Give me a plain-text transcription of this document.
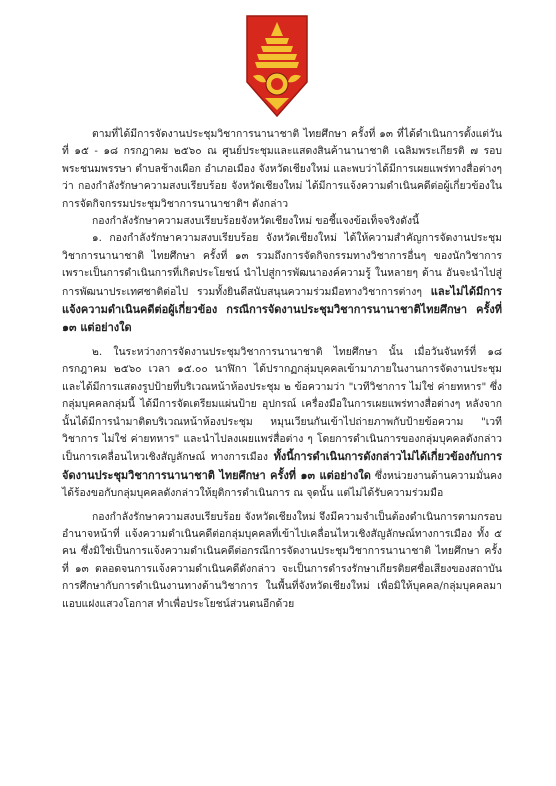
ตามที่ได้มีการจัดงานประชุมวิชาการนานาชาติ ไทยศึกษา ครั้งที่ ๑๓ ที่ได้ดำเนินการตั้งแต่วันที่ ๑๕ - ๑๘ กรกฎาคม ๒๕๖๐ ณ ศูนย์ประชุมและแสดงสินค้านานาชาติ เฉลิมพระเกียรติ ๗ รอบพระชนมพรรษา ตำบลช้างเผือก อำเภอเมือง จังหวัดเชียงใหม่ และพบว่าได้มีการเผยแพร่ทางสื่อต่างๆ ว่า กองกำลังรักษาความสงบเรียบร้อย จังหวัดเชียงใหม่ ได้มีการแจ้งความดำเนินคดีต่อผู้เกี่ยวข้องในการจัดกิจกรรมประชุมวิชาการนานาชาติฯ ดังกล่าว

กองกำลังรักษาความสงบเรียบร้อยจังหวัดเชียงใหม่ ขอชี้แจงข้อเท็จจริงดังนี้

๑. กองกำลังรักษาความสงบเรียบร้อย จังหวัดเชียงใหม่ ได้ให้ความสำคัญการจัดงานประชุมวิชาการนานาชาติ ไทยศึกษา ครั้งที่ ๑๓ รวมถึงการจัดกิจกรรมทางวิชาการอื่นๆ ของนักวิชาการ เพราะเป็นการดำเนินการที่เกิดประโยชน์ นำไปสู่การพัฒนาองค์ความรู้ ในหลายๆ ด้าน อันจะนำไปสู่การพัฒนาประเทศชาติต่อไป รวมทั้งยินดีสนับสนุนความร่วมมือทางวิชาการต่างๆ และไม่ได้มีการแจ้งความดำเนินคดีต่อผู้เกี่ยวข้อง กรณีการจัดงานประชุมวิชาการนานาชาติไทยศึกษา ครั้งที่ ๑๓ แต่อย่างใด

๒. ในระหว่างการจัดงานประชุมวิชาการนานาชาติ ไทยศึกษา นั้น เมื่อวันจันทร์ที่ ๑๘ กรกฎาคม ๒๕๖๐ เวลา ๑๕.๐๐ นาฬิกา ได้ปรากฏกลุ่มบุคคลเข้ามาภายในงานการจัดงานประชุม และได้มีการแสดงรูปป้ายที่บริเวณหน้าห้องประชุม ๒ ข้อความว่า "เวทีวิชาการ ไม่ใช่ ค่ายทหาร" ซึ่งกลุ่มบุคคลกลุ่มนี้ ได้มีการจัดเตรียมแผ่นป้าย อุปกรณ์ เครื่องมือในการเผยแพร่ทางสื่อต่างๆ หลังจากนั้นได้มีการนำมาติดบริเวณหน้าห้องประชุม หมุนเวียนกันเข้าไปถ่ายภาพกับป้ายข้อความ "เวทีวิชาการ ไม่ใช่ ค่ายทหาร" และนำไปลงเผยแพร่สื่อต่าง ๆ โดยการดำเนินการของกลุ่มบุคคลดังกล่าว เป็นการเคลื่อนไหวเชิงสัญลักษณ์ ทางการเมือง ทั้งนี้การดำเนินการดังกล่าวไม่ได้เกี่ยวข้องกับการจัดงานประชุมวิชาการนานาชาติ ไทยศึกษา ครั้งที่ ๑๓ แต่อย่างใด ซึ่งหน่วยงานด้านความมั่นคงได้ร้องขอกับกลุ่มบุคคลดังกล่าวให้ยุติการดำเนินการ ณ จุดนั้น แต่ไม่ได้รับความร่วมมือ

กองกำลังรักษาความสงบเรียบร้อย จังหวัดเชียงใหม่ จึงมีความจำเป็นต้องดำเนินการตามกรอบอำนาจหน้าที่ แจ้งความดำเนินคดีต่อกลุ่มบุคคลที่เข้าไปเคลื่อนไหวเชิงสัญลักษณ์ทางการเมือง ทั้ง ๕ คน ซึ่งมิใช่เป็นการแจ้งความดำเนินคดีต่อกรณีการจัดงานประชุมวิชาการนานาชาติ ไทยศึกษา ครั้งที่ ๑๓ ตลอดจนการแจ้งความดำเนินคดีดังกล่าว จะเป็นการดำรงรักษาเกียรติยศชื่อเสียงของสถาบันการศึกษากับการดำเนินงานทางด้านวิชาการ ในพื้นที่จังหวัดเชียงใหม่ เพื่อมิให้บุคคล/กลุ่มบุคคลมาแอบแฝงแสวงโอกาส ทำเพื่อประโยชน์ส่วนตนอีกด้วย
